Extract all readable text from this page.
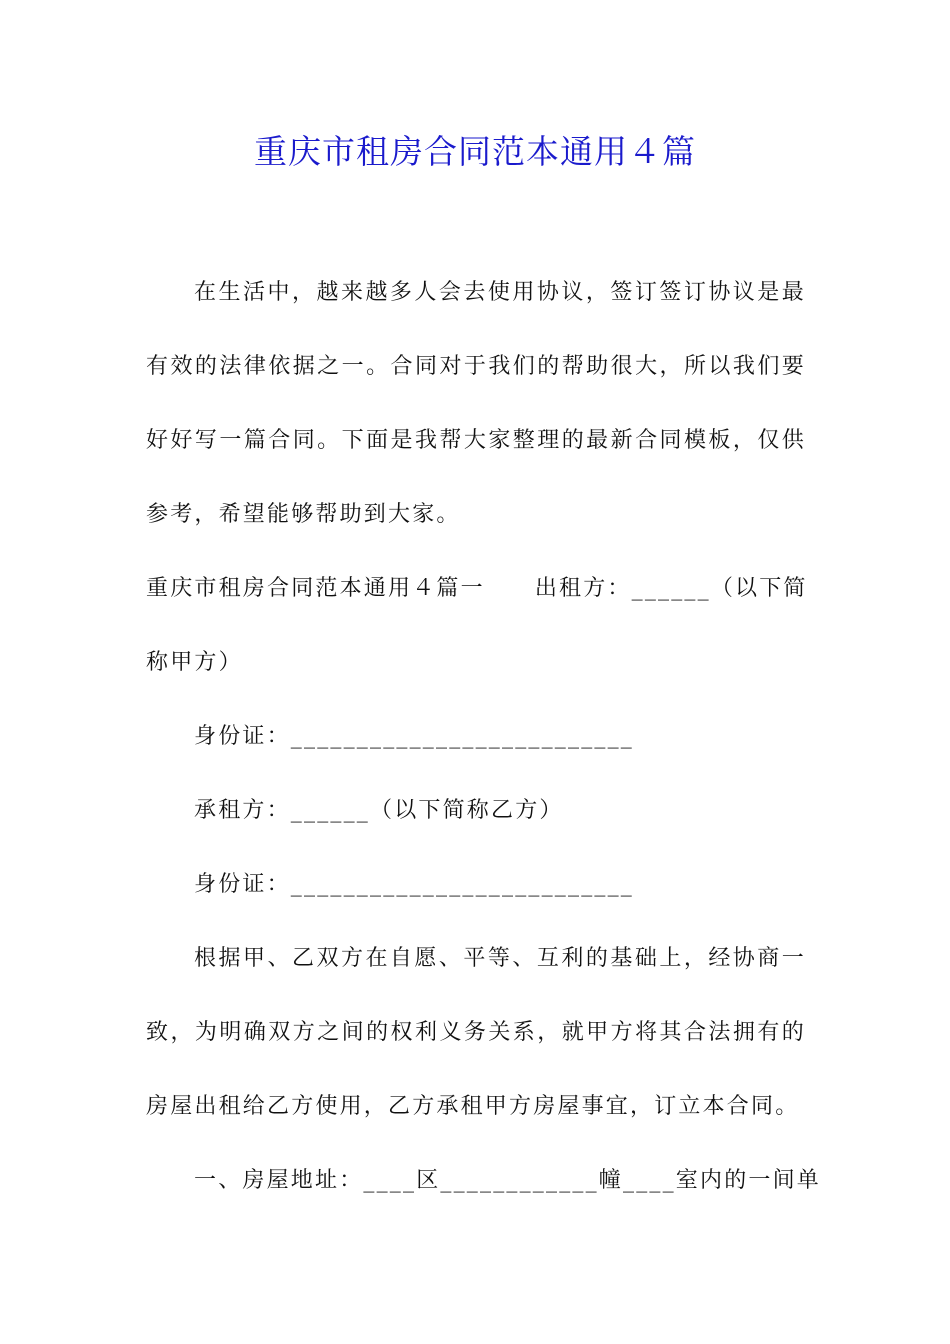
重庆市租房合同范本通用４篇

在生活中，越来越多人会去使用协议，签订签订协议是最有效的法律依据之一。合同对于我们的帮助很大，所以我们要好好写一篇合同。下面是我帮大家整理的最新合同模板，仅供参考，希望能够帮助到大家。

重庆市租房合同范本通用４篇一 出租方：______（以下简

称甲方）

身份证：__________________________

承租方：______（以下简称乙方）

身份证：__________________________

根据甲、乙双方在自愿、平等、互利的基础上，经协商一致，为明确双方之间的权利义务关系，就甲方将其合法拥有的房屋出租给乙方使用，乙方承租甲方房屋事宜，订立本合同。

一、房屋地址：____区____________幢____室内的一间单
